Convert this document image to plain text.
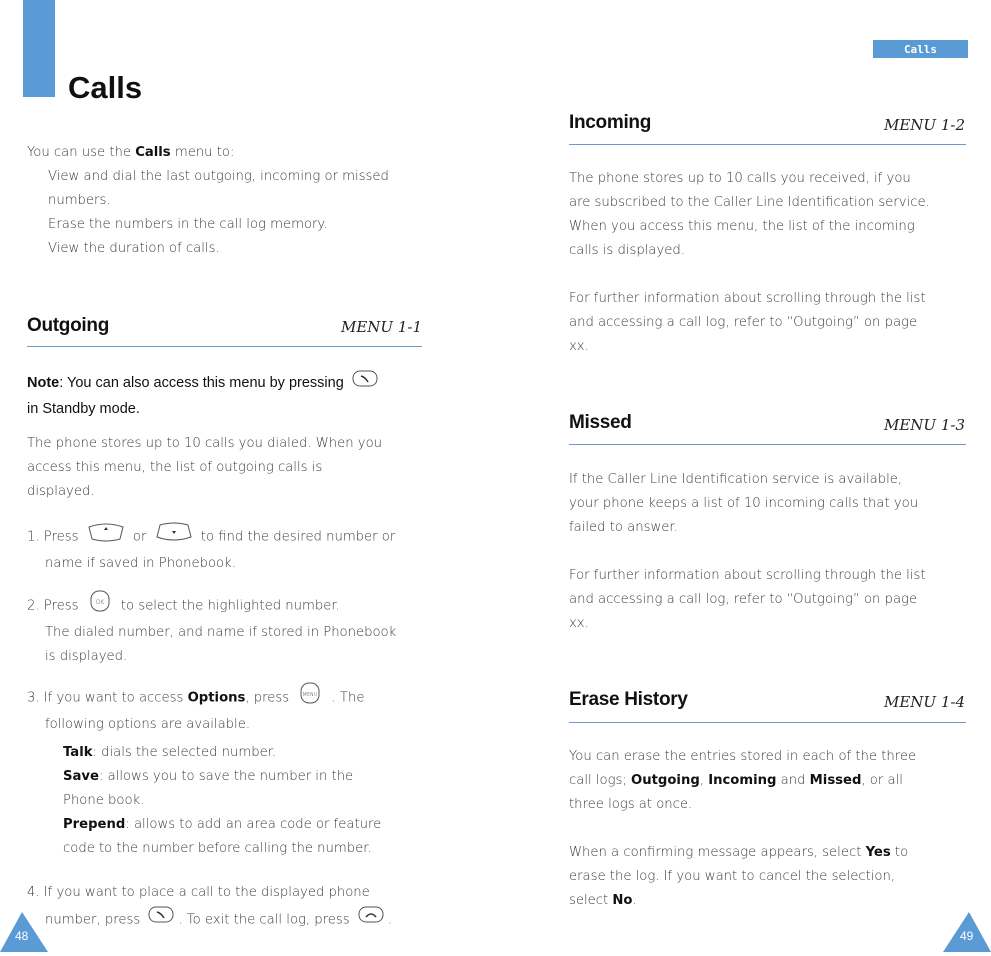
Calls
You can use the Calls menu to:
View and dial the last outgoing, incoming or missed
numbers.
Erase the numbers in the call log memory.
View the duration of calls.
Outgoing	MENU 1-1
Note: You can also access this menu by pressing
in Standby mode.
The phone stores up to 10 calls you dialed. When you
access this menu, the list of outgoing calls is
displayed.
1. Press	or	to find the desired number or
name if saved in Phonebook.
2. Press	OK to select the highlighted number.
The dialed number, and name if stored in Phonebook
is displayed.
3. If you want to access Options, press	MENU . The
following options are available.
Talk: dials the selected number.
Save: allows you to save the number in the
Phone book.
Prepend: allows to add an area code or feature
code to the number before calling the number.
4. If you want to place a call to the displayed phone
number, press	. To exit the call log, press	.
48
Calls
Incoming	MENU 1-2
The phone stores up to 10 calls you received, if you
are subscribed to the Caller Line Identification service.
When you access this menu, the list of the incoming
calls is displayed.
For further information about scrolling through the list
and accessing a call log, refer to “Outgoing” on page
xx.
Missed	MENU 1-3
If the Caller Line Identification service is available,
your phone keeps a list of 10 incoming calls that you
failed to answer.
For further information about scrolling through the list
and accessing a call log, refer to “Outgoing” on page
xx.
Erase History	MENU 1-4
You can erase the entries stored in each of the three
call logs; Outgoing, Incoming and Missed, or all
three logs at once.
When a confirming message appears, select Yes to
erase the log. If you want to cancel the selection,
select No.
49
